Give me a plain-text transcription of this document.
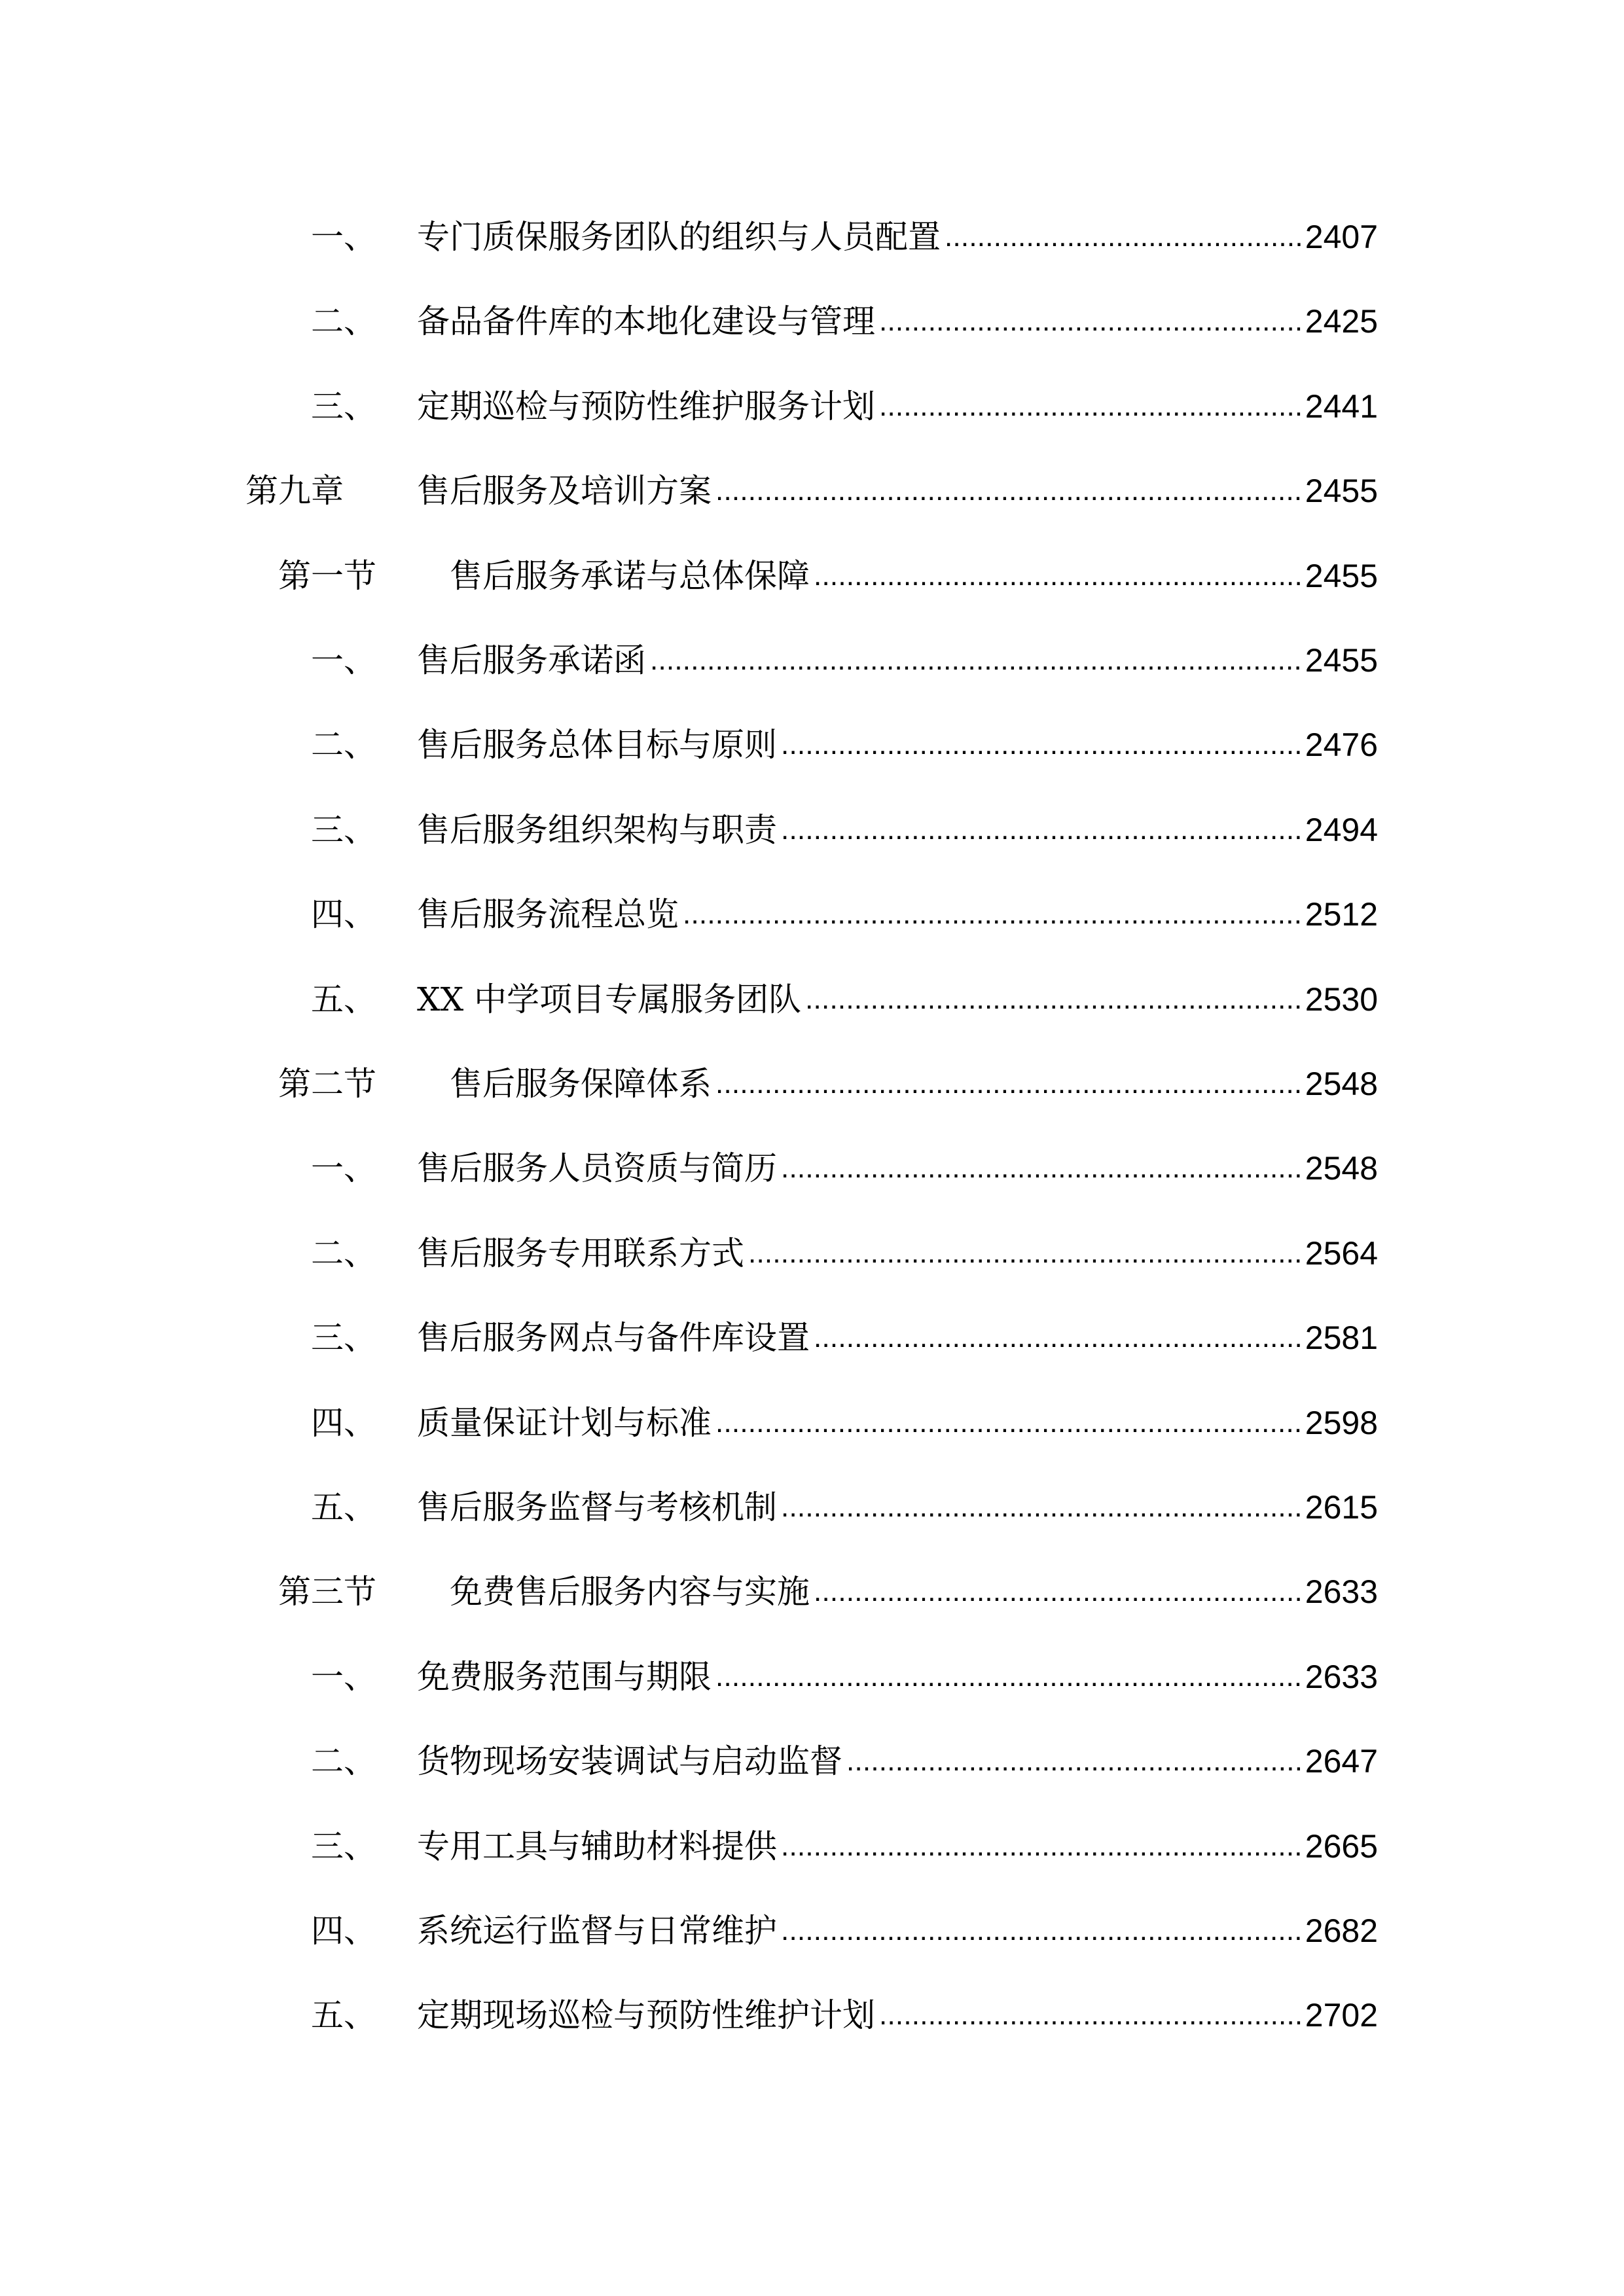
一、	专门质保服务团队的组织与人员配置 . . .	2407
二、	备品备件库的本地化建设与管理 . . .	2425
三、	定期巡检与预防性维护服务计划 . . .	2441
第九章	售后服务及培训方案 . . .	2455
第一节	售后服务承诺与总体保障 . . .	2455
一、	售后服务承诺函 . . .	2455
二、	售后服务总体目标与原则 . . .	2476
三、	售后服务组织架构与职责 . . .	2494
四、	售后服务流程总览 . . .	2512
五、	XX 中学项目专属服务团队 . . .	2530
第二节	售后服务保障体系 . . .	2548
一、	售后服务人员资质与简历 . . .	2548
二、	售后服务专用联系方式 . . .	2564
三、	售后服务网点与备件库设置 . . .	2581
四、	质量保证计划与标准 . . .	2598
五、	售后服务监督与考核机制 . . .	2615
第三节	免费售后服务内容与实施 . . .	2633
一、	免费服务范围与期限 . . .	2633
二、	货物现场安装调试与启动监督 . . .	2647
三、	专用工具与辅助材料提供 . . .	2665
四、	系统运行监督与日常维护 . . .	2682
五、	定期现场巡检与预防性维护计划 . . .	2702
